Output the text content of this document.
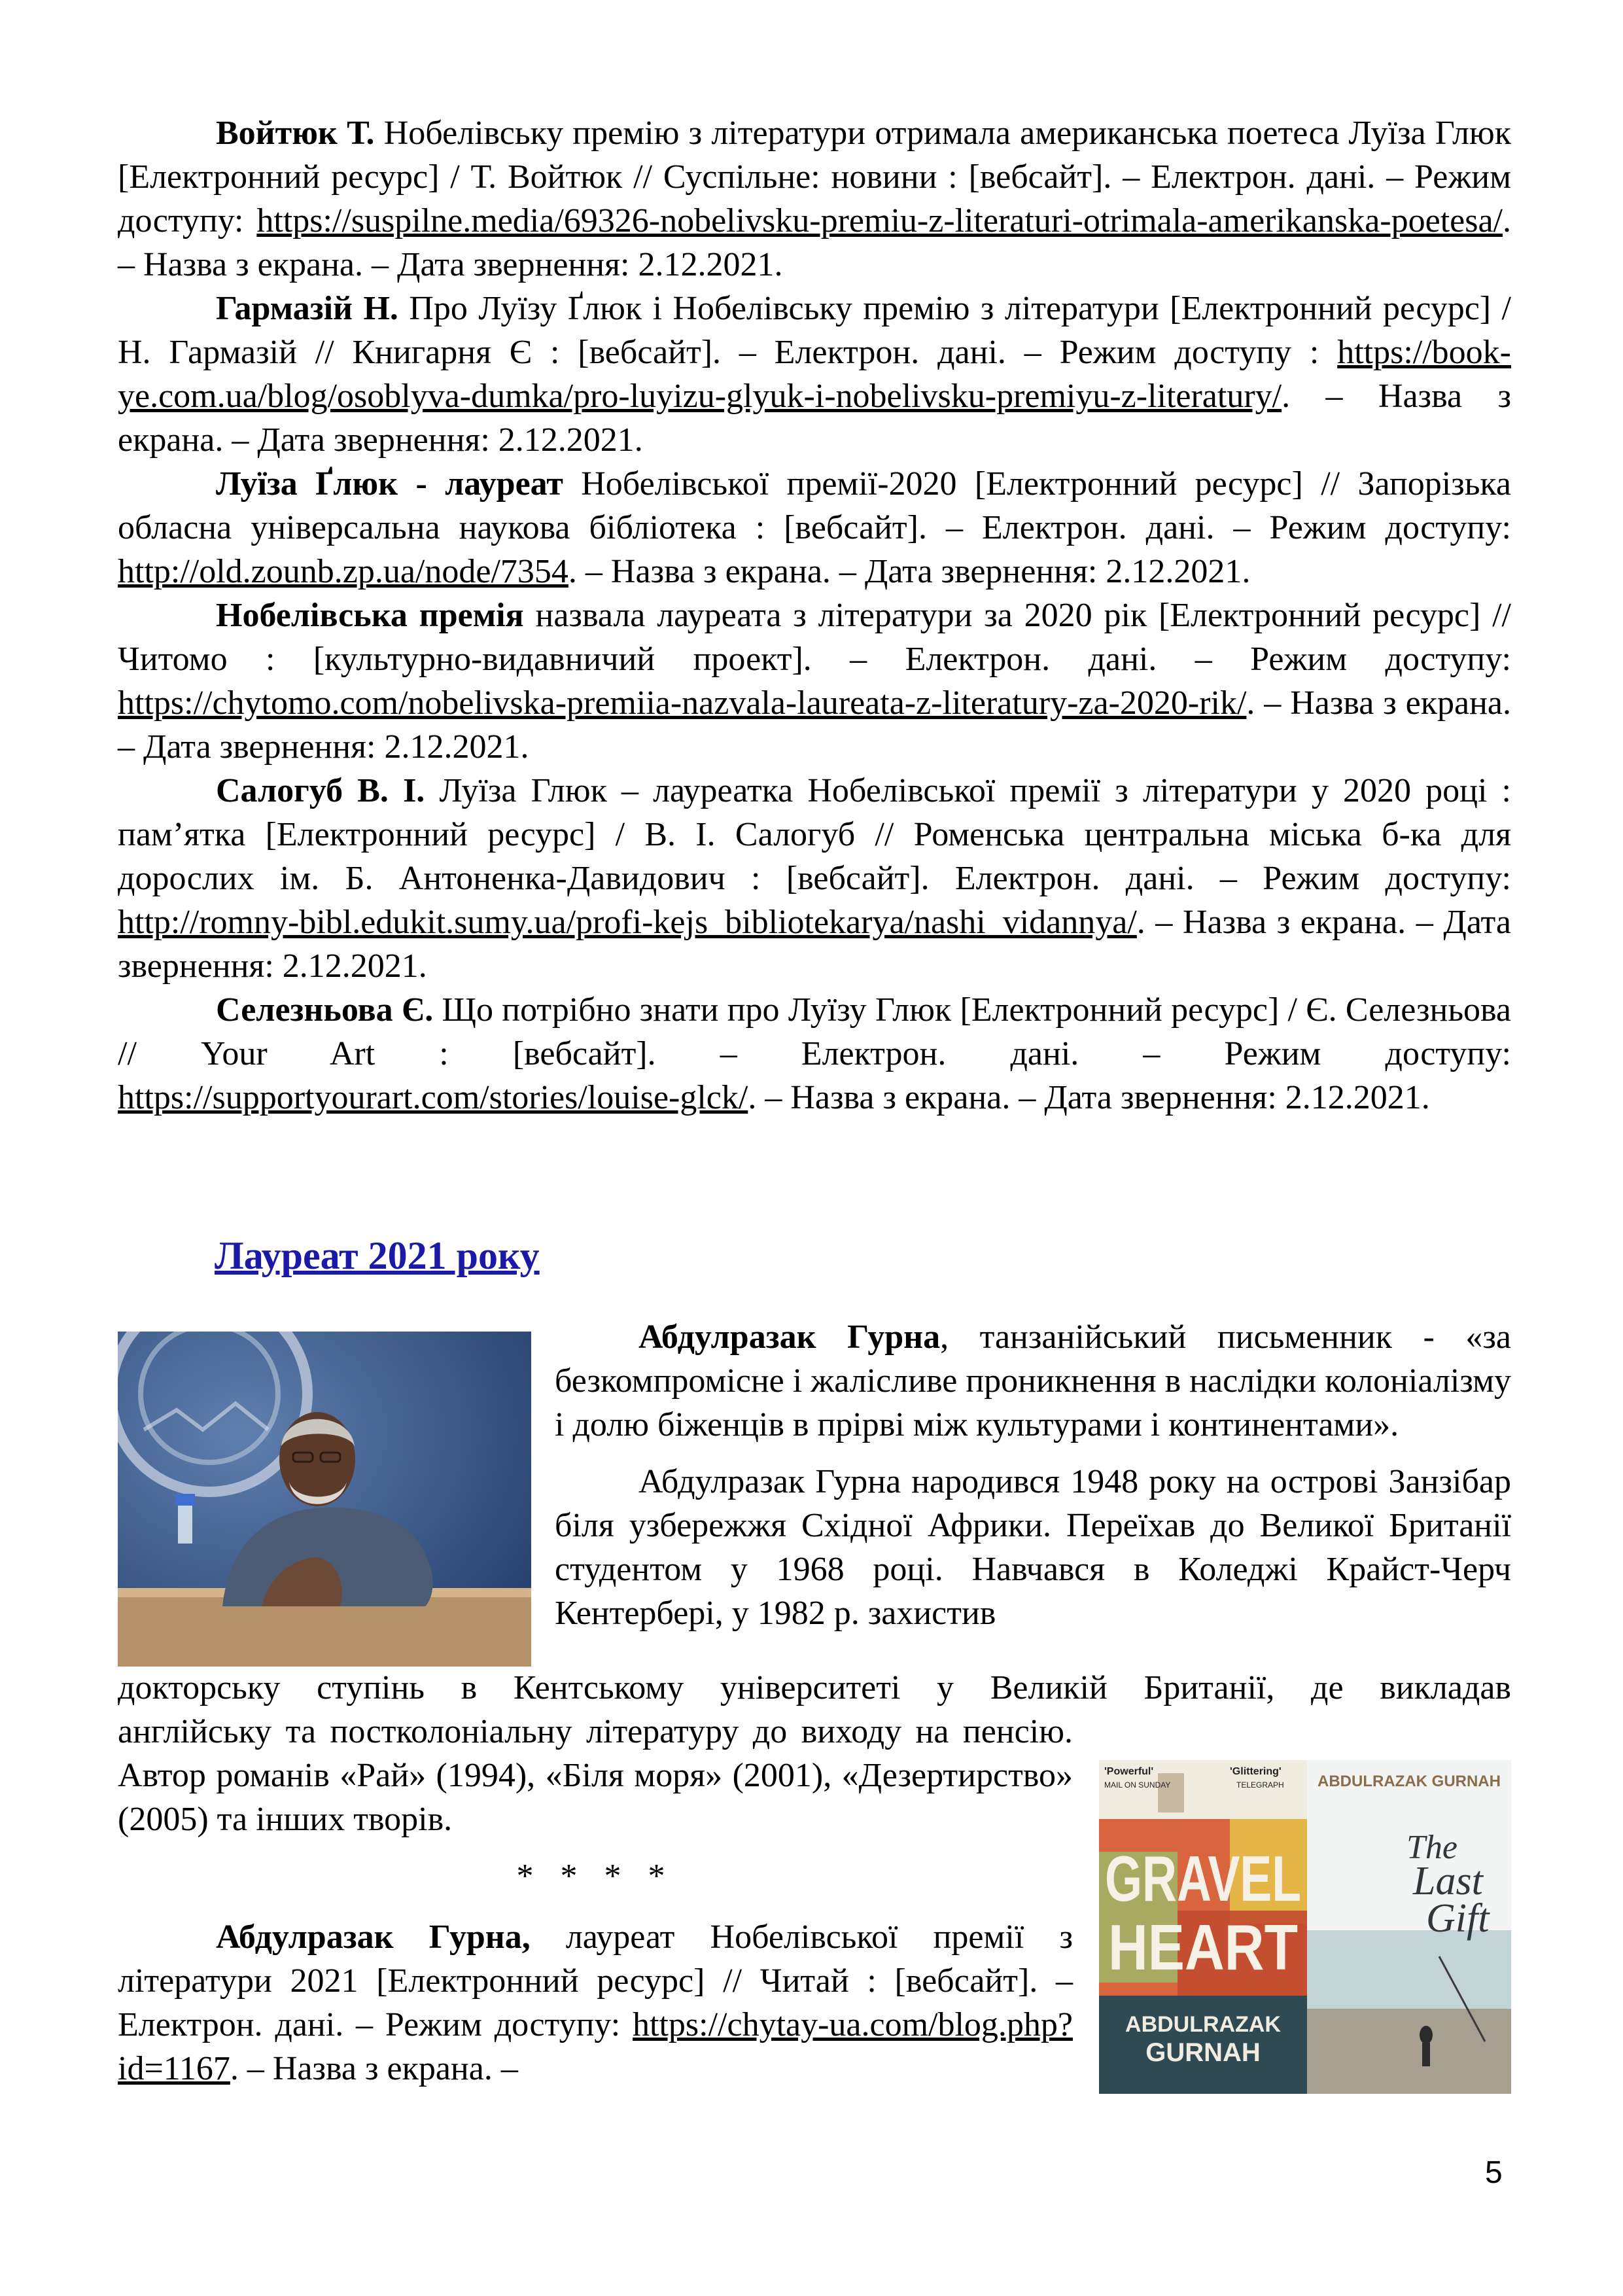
Войтюк Т. Нобелівську премію з літератури отримала американська поетеса Луїза Глюк [Електронний ресурс] / Т. Войтюк // Суспільне: новини : [вебсайт]. – Електрон. дані. – Режим доступу: https://suspilne.media/69326-nobelivsku-premiu-z-literaturi-otrimala-amerikanska-poetesa/. – Назва з екрана. – Дата звернення: 2.12.2021.

Гармазій Н. Про Луїзу Ґлюк і Нобелівську премію з літератури [Електронний ресурс] / Н. Гармазій // Книгарня Є : [вебсайт]. – Електрон. дані. – Режим доступу : https://book-ye.com.ua/blog/osoblyva-dumka/pro-luyizu-glyuk-i-nobelivsku-premiyu-z-literatury/. – Назва з екрана. – Дата звернення: 2.12.2021.

Луїза Ґлюк - лауреат Нобелівської премії-2020 [Електронний ресурс] // Запорізька обласна універсальна наукова бібліотека : [вебсайт]. – Електрон. дані. – Режим доступу: http://old.zounb.zp.ua/node/7354. – Назва з екрана. – Дата звернення: 2.12.2021.

Нобелівська премія назвала лауреата з літератури за 2020 рік [Електронний ресурс] // Читомо : [культурно-видавничий проект]. – Електрон. дані. – Режим доступу: https://chytomo.com/nobelivska-premiia-nazvala-laureata-z-literatury-za-2020-rik/. – Назва з екрана. – Дата звернення: 2.12.2021.

Салогуб В. І. Луїза Глюк – лауреатка Нобелівської премії з літератури у 2020 році : пам’ятка [Електронний ресурс] / В. І. Салогуб // Роменська центральна міська б-ка для дорослих ім. Б. Антоненка-Давидович : [вебсайт]. Електрон. дані. – Режим доступу: http://romny-bibl.edukit.sumy.ua/profi-kejs_bibliotekarya/nashi_vidannya/. – Назва з екрана. – Дата звернення: 2.12.2021.

Селезньова Є. Що потрібно знати про Луїзу Глюк [Електронний ресурс] / Є. Селезньова // Your Art : [вебсайт]. – Електрон. дані. – Режим доступу: https://supportyourart.com/stories/louise-glck/. – Назва з екрана. – Дата звернення: 2.12.2021.

Лауреат 2021 року

Абдулразак Гурна, танзанійський письменник - «за безкомпромісне і жалісливе проникнення в наслідки колоніалізму і долю біженців в прірві між культурами і континентами».

Абдулразак Гурна народився 1948 року на острові Занзібар біля узбережжя Східної Африки. Переїхав до Великої Британії студентом у 1968 році. Навчався в Коледжі Крайст-Черч Кентербері, у 1982 р. захистив

докторську ступінь в Кентському університеті у Великій Британії, де викладав

англійську та постколоніальну літературу до виходу на пенсію. Автор романів «Рай» (1994), «Біля моря» (2001), «Дезертирство» (2005) та інших творів.

* * * *

Абдулразак Гурна, лауреат Нобелівської премії з літератури 2021 [Електронний ресурс] // Читай : [вебсайт]. – Електрон. дані. – Режим доступу: https://chytay-ua.com/blog.php?id=1167. – Назва з екрана. –

'Powerful'
MAIL ON SUNDAY
'Glittering'
TELEGRAPH
GRAVEL
HEART
ABDULRAZAK
GURNAH
ABDULRAZAK GURNAH
The
Last
Gift
5
